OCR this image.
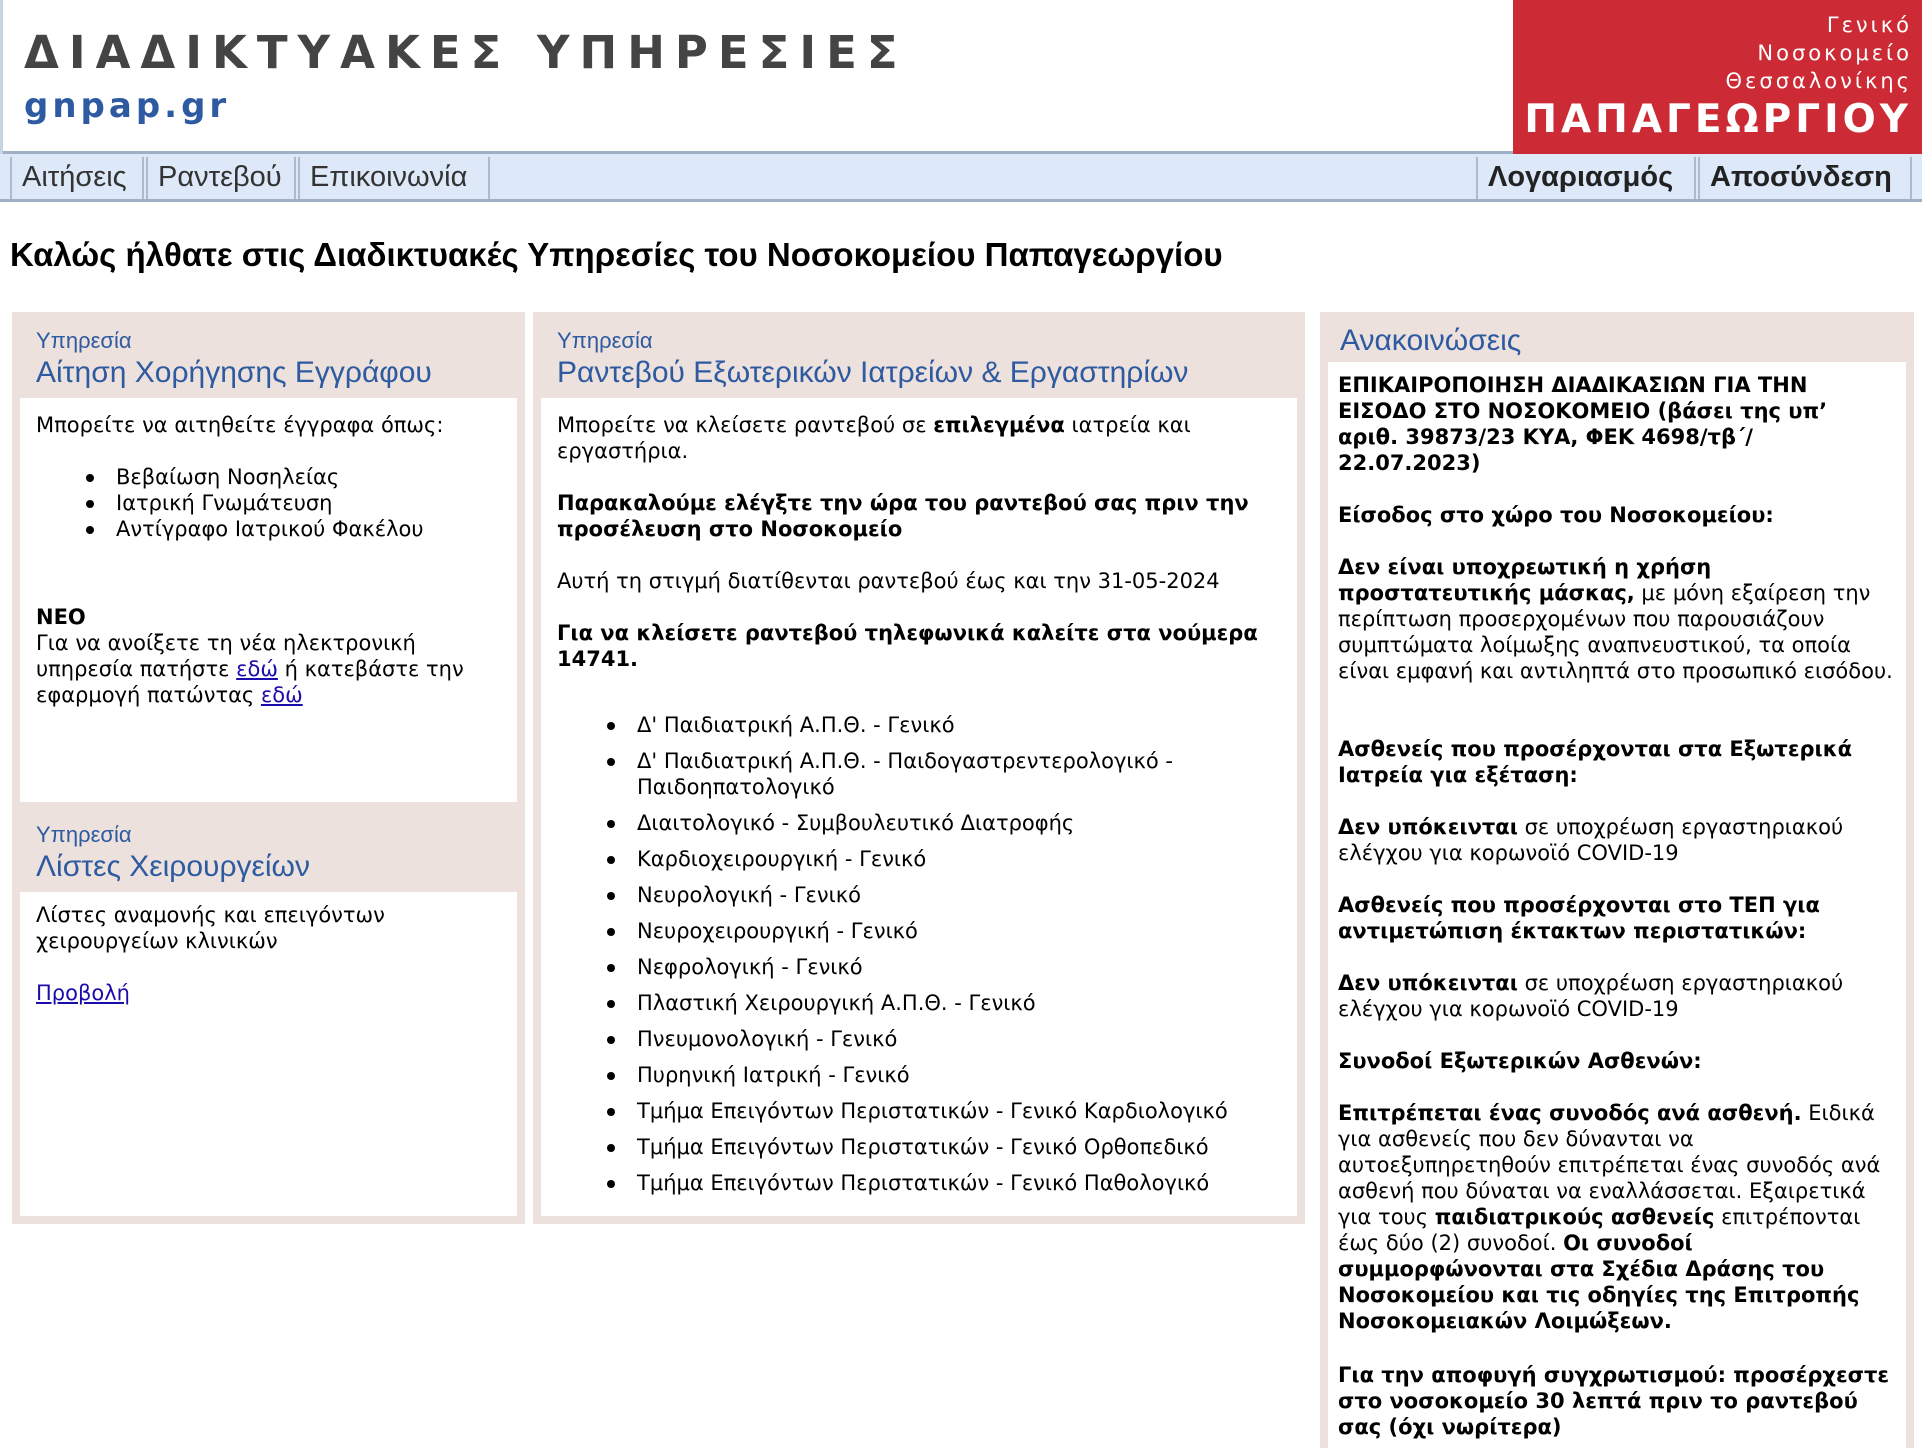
ΔΙΑΔΙΚΤΥΑΚΕΣ ΥΠΗΡΕΣΙΕΣ
gnpap.gr
Γενικό
Νοσοκομείο
Θεσσαλονίκης
ΠΑΠΑΓΕΩΡΓΙΟΥ
Αιτήσεις	Ραντεβού Επικοινωνία	Λογαριασμός	Αποσύνδεση
Καλώς ήλθατε στις Διαδικτυακές Υπηρεσίες του Νοσοκομείου Παπαγεωργίου
Υπηρεσία
Αίτηση Χορήγησης Εγγράφου

Μπορείτε να αιτηθείτε έγγραφα όπως:

Βεβαίωση Νοσηλείας
Ιατρική Γνωμάτευση
Αντίγραφο Ιατρικού Φακέλου

ΝΕΟ

Για να ανοίξετε τη νέα ηλεκτρονική υπηρεσία πατήστε εδώ ή κατεβάστε την εφαρμογή πατώντας εδώ

Υπηρεσία
Λίστες Χειρουργείων

Λίστες αναμονής και επειγόντων χειρουργείων κλινικών

Προβολή

Υπηρεσία
Ραντεβού Εξωτερικών Ιατρείων & Εργαστηρίων

Μπορείτε να κλείσετε ραντεβού σε επιλεγμένα ιατρεία και εργαστήρια.

Παρακαλούμε ελέγξτε την ώρα του ραντεβού σας πριν την προσέλευση στο Νοσοκομείο

Αυτή τη στιγμή διατίθενται ραντεβού έως και την 31-05-2024

Για να κλείσετε ραντεβού τηλεφωνικά καλείτε στα νούμερα 14741.

Δ' Παιδιατρική Α.Π.Θ. - Γενικό
Δ' Παιδιατρική Α.Π.Θ. - Παιδογαστρεντερολογικό - Παιδοηπατολογικό
Διαιτολογικό - Συμβουλευτικό Διατροφής
Καρδιοχειρουργική - Γενικό
Νευρολογική - Γενικό
Νευροχειρουργική - Γενικό
Νεφρολογική - Γενικό
Πλαστική Χειρουργική Α.Π.Θ. - Γενικό
Πνευμονολογική - Γενικό
Πυρηνική Ιατρική - Γενικό
Τμήμα Επειγόντων Περιστατικών - Γενικό Καρδιολογικό
Τμήμα Επειγόντων Περιστατικών - Γενικό Ορθοπεδικό
Τμήμα Επειγόντων Περιστατικών - Γενικό Παθολογικό
Ανακοινώσεις

ΕΠΙΚΑΙΡΟΠΟΙΗΣΗ ΔΙΑΔΙΚΑΣΙΩΝ ΓΙΑ ΤΗΝ ΕΙΣΟΔΟ ΣΤΟ ΝΟΣΟΚΟΜΕΙΟ (βάσει της υπ’ αριθ. 39873/23 ΚΥΑ, ΦΕΚ 4698/τβ΄/ 22.07.2023)

Είσοδος στο χώρο του Νοσοκομείου:

Δεν είναι υποχρεωτική η χρήση προστατευτικής μάσκας, με μόνη εξαίρεση την περίπτωση προσερχομένων που παρουσιάζουν συμπτώματα λοίμωξης αναπνευστικού, τα οποία είναι εμφανή και αντιληπτά στο προσωπικό εισόδου.

Ασθενείς που προσέρχονται στα Εξωτερικά Ιατρεία για εξέταση:

Δεν υπόκεινται σε υποχρέωση εργαστηριακού ελέγχου για κορωνοϊό COVID-19

Ασθενείς που προσέρχονται στο ΤΕΠ για αντιμετώπιση έκτακτων περιστατικών:

Δεν υπόκεινται σε υποχρέωση εργαστηριακού ελέγχου για κορωνοϊό COVID-19

Συνοδοί Εξωτερικών Ασθενών:

Επιτρέπεται ένας συνοδός ανά ασθενή. Ειδικά για ασθενείς που δεν δύνανται να αυτοεξυπηρετηθούν επιτρέπεται ένας συνοδός ανά ασθενή που δύναται να εναλλάσσεται. Εξαιρετικά για τους παιδιατρικούς ασθενείς επιτρέπονται έως δύο (2) συνοδοί. Οι συνοδοί συμμορφώνονται στα Σχέδια Δράσης του Νοσοκομείου και τις οδηγίες της Επιτροπής Νοσοκομειακών Λοιμώξεων.

Για την αποφυγή συγχρωτισμού: προσέρχεστε στο νοσοκομείο 30 λεπτά πριν το ραντεβού σας (όχι νωρίτερα)
